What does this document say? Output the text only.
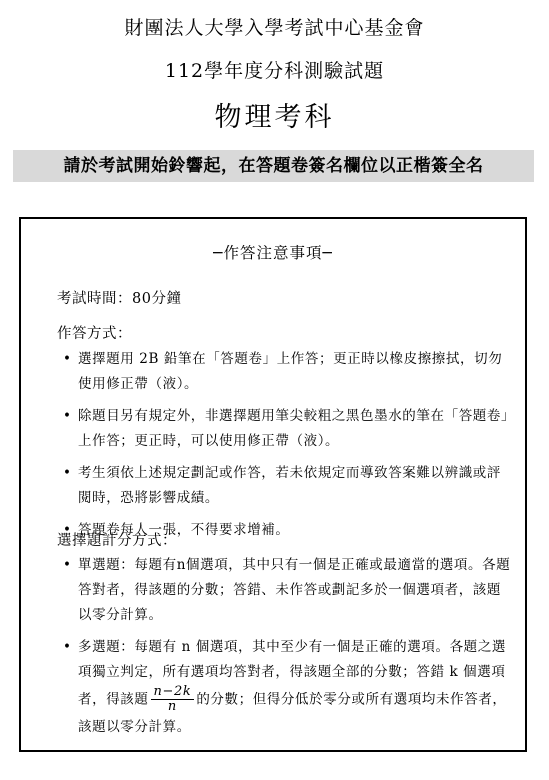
財團法人大學入學考試中心基金會
112學年度分科測驗試題
物理考科
請於考試開始鈴響起，在答題卷簽名欄位以正楷簽全名
─作答注意事項─
考試時間：80分鐘
作答方式：
• 選擇題用 2B 鉛筆在「答題卷」上作答；更正時以橡皮擦擦拭，切勿使用修正帶（液）。
• 除題目另有規定外，非選擇題用筆尖較粗之黑色墨水的筆在「答題卷」上作答；更正時，可以使用修正帶（液）。
• 考生須依上述規定劃記或作答，若未依規定而導致答案難以辨識或評閱時，恐將影響成績。
• 答題卷每人一張，不得要求增補。
選擇題計分方式：
• 單選題：每題有n個選項，其中只有一個是正確或最適當的選項。各題答對者，得該題的分數；答錯、未作答或劃記多於一個選項者，該題以零分計算。
• 多選題：每題有 n 個選項，其中至少有一個是正確的選項。各題之選項獨立判定，所有選項均答對者，得該題全部的分數；答錯 k 個選項者，得該題 $\frac{n-2k}{n}$ 的分數；但得分低於零分或所有選項均未作答者，該題以零分計算。
